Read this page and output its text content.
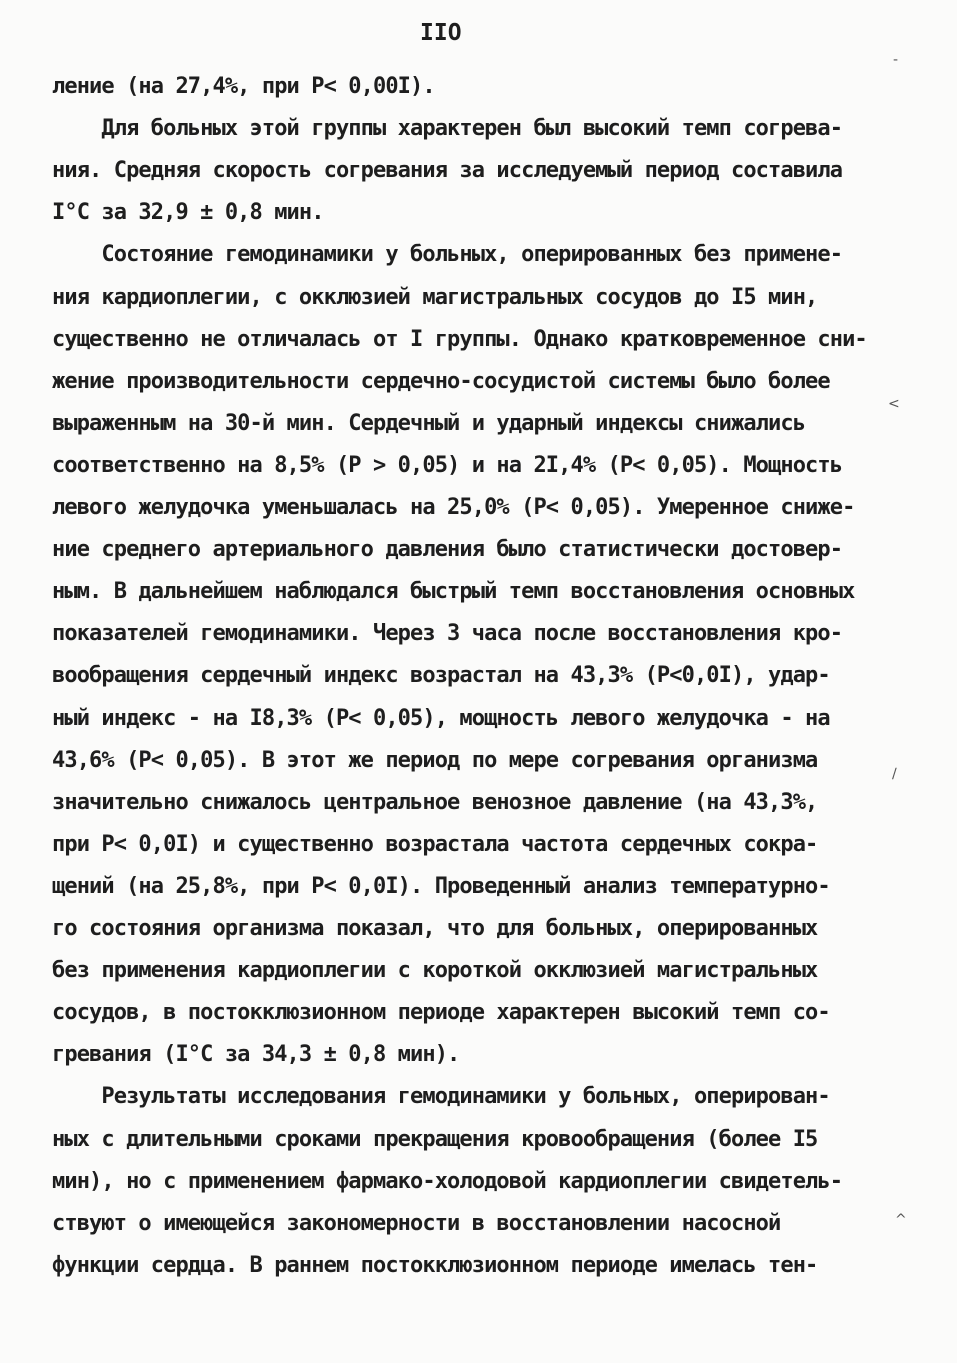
IIO
ление (на 27,4%, при P< 0,00I).
Для больных этой группы характерен был высокий темп согрева-
ния. Средняя скорость согревания за исследуемый период составила
I°C за 32,9 ± 0,8 мин.
Состояние гемодинамики у больных, оперированных без примене-
ния кардиоплегии, с окклюзией магистральных сосудов до I5 мин,
существенно не отличалась от I группы. Однако кратковременное сни-
жение производительности сердечно-сосудистой системы было более
выраженным на 30-й мин. Сердечный и ударный индексы снижались
соответственно на 8,5% (P > 0,05) и на 2I,4% (P< 0,05). Мощность
левого желудочка уменьшалась на 25,0% (P< 0,05). Умеренное сниже-
ние среднего артериального давления было статистически достовер-
ным. В дальнейшем наблюдался быстрый темп восстановления основных
показателей гемодинамики. Через 3 часа после восстановления кро-
вообращения сердечный индекс возрастал на 43,3% (P<0,0I), удар-
ный индекс - на I8,3% (P< 0,05), мощность левого желудочка - на
43,6% (P< 0,05). В этот же период по мере согревания организма
значительно снижалось центральное венозное давление (на 43,3%,
при P< 0,0I) и существенно возрастала частота сердечных сокра-
щений (на 25,8%, при P< 0,0I). Проведенный анализ температурно-
го состояния организма показал, что для больных, оперированных
без применения кардиоплегии с короткой окклюзией магистральных
сосудов, в постокклюзионном периоде характерен высокий темп со-
гревания (I°C за 34,3 ± 0,8 мин).
Результаты исследования гемодинамики у больных, оперирован-
ных с длительными сроками прекращения кровообращения (более I5
мин), но с применением фармако-холодовой кардиоплегии свидетель-
ствуют о имеющейся закономерности в восстановлении насосной
функции сердца. В раннем постокклюзионном периоде имелась тен-
-
<
∕
^
